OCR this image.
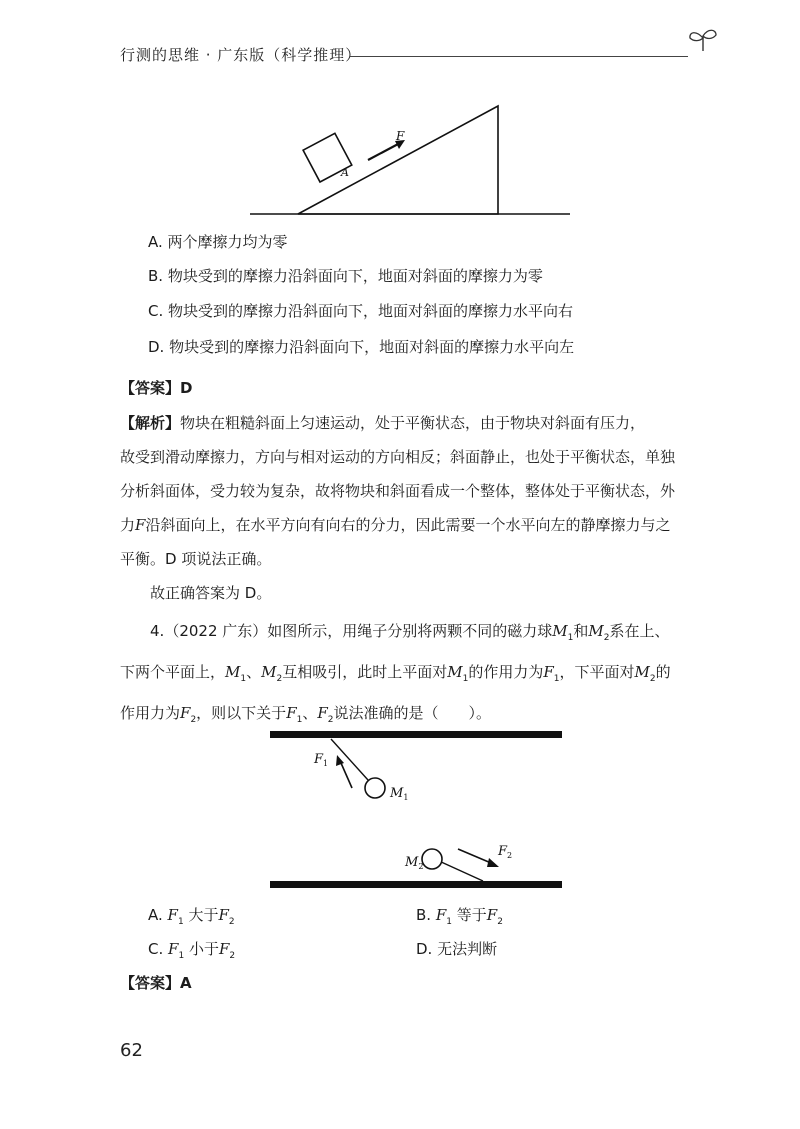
行测的思维 · 广东版（科学推理）
A
F
A. 两个摩擦力均为零
B. 物块受到的摩擦力沿斜面向下，地面对斜面的摩擦力为零
C. 物块受到的摩擦力沿斜面向下，地面对斜面的摩擦力水平向右
D. 物块受到的摩擦力沿斜面向下，地面对斜面的摩擦力水平向左
【答案】D
【解析】物块在粗糙斜面上匀速运动，处于平衡状态，由于物块对斜面有压力，
故受到滑动摩擦力，方向与相对运动的方向相反；斜面静止，也处于平衡状态，单独
分析斜面体，受力较为复杂，故将物块和斜面看成一个整体，整体处于平衡状态，外
力F沿斜面向上，在水平方向有向右的分力，因此需要一个水平向左的静摩擦力与之
平衡。D 项说法正确。
故正确答案为 D。
4.（2022 广东）如图所示，用绳子分别将两颗不同的磁力球$M_1$和$M_2$系在上、
下两个平面上，$M_1$、$M_2$互相吸引，此时上平面对$M_1$的作用力为$F_1$，下平面对$M_2$的
作用力为$F_2$，则以下关于$F_1$、$F_2$说法准确的是（　　）。
$M_1$
$F_1$
$M_2$
$F_2$
A. $F_1$ 大于$F_2$	B. $F_1$ 等于$F_2$
C. $F_1$ 小于$F_2$	D. 无法判断
【答案】A
62
